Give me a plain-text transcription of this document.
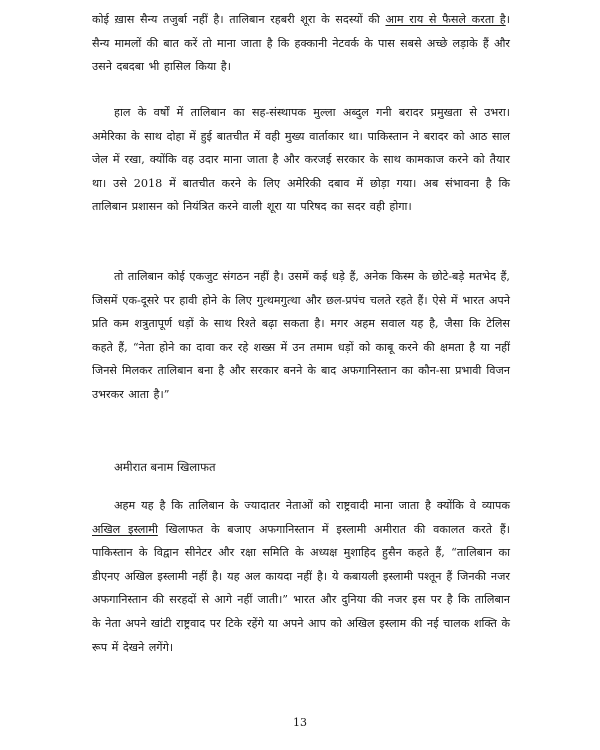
कोई ख़ास सैन्य तजुर्बा नहीं है। तालिबान रहबरी शूरा के सदस्यों की आम राय से फैसले करता है। सैन्य मामलों की बात करें तो माना जाता है कि हक्कानी नेटवर्क के पास सबसे अच्छे लड़ाके हैं और उसने दबदबा भी हासिल किया है।

हाल के वर्षों में तालिबान का सह-संस्थापक मुल्ला अब्दुल गनी बरादर प्रमुखता से उभरा। अमेरिका के साथ दोहा में हुई बातचीत में वही मुख्य वार्ताकार था। पाकिस्तान ने बरादर को आठ साल जेल में रखा, क्योंकि वह उदार माना जाता है और करजई सरकार के साथ कामकाज करने को तैयार था। उसे 2018 में बातचीत करने के लिए अमेरिकी दबाव में छोड़ा गया। अब संभावना है कि तालिबान प्रशासन को नियंत्रित करने वाली शूरा या परिषद का सदर वही होगा।

तो तालिबान कोई एकजुट संगठन नहीं है। उसमें कई धड़े हैं, अनेक किस्म के छोटे-बड़े मतभेद हैं, जिसमें एक-दूसरे पर हावी होने के लिए गुत्थमगुत्था और छल-प्रपंच चलते रहते हैं। ऐसे में भारत अपने प्रति कम शत्रुतापूर्ण धड़ों के साथ रिश्ते बढ़ा सकता है। मगर अहम सवाल यह है, जैसा कि टेलिस कहते हैं, “नेता होने का दावा कर रहे शख्स में उन तमाम धड़ों को काबू करने की क्षमता है या नहीं जिनसे मिलकर तालिबान बना है और सरकार बनने के बाद अफगानिस्तान का कौन-सा प्रभावी विजन उभरकर आता है।”

अमीरात बनाम खिलाफत

अहम यह है कि तालिबान के ज्यादातर नेताओं को राष्ट्रवादी माना जाता है क्योंकि वे व्यापक अखिल इस्लामी खिलाफत के बजाए अफगानिस्तान में इस्लामी अमीरात की वकालत करते हैं। पाकिस्तान के विद्वान सीनेटर और रक्षा समिति के अध्यक्ष मुशाहिद हुसैन कहते हैं, “तालिबान का डीएनए अखिल इस्लामी नहीं है। यह अल कायदा नहीं है। ये कबायली इस्लामी पश्तून हैं जिनकी नजर अफगानिस्तान की सरहदों से आगे नहीं जाती।” भारत और दुनिया की नजर इस पर है कि तालिबान के नेता अपने खांटी राष्ट्रवाद पर टिके रहेंगे या अपने आप को अखिल इस्लाम की नई चालक शक्ति के रूप में देखने लगेंगे।

13
